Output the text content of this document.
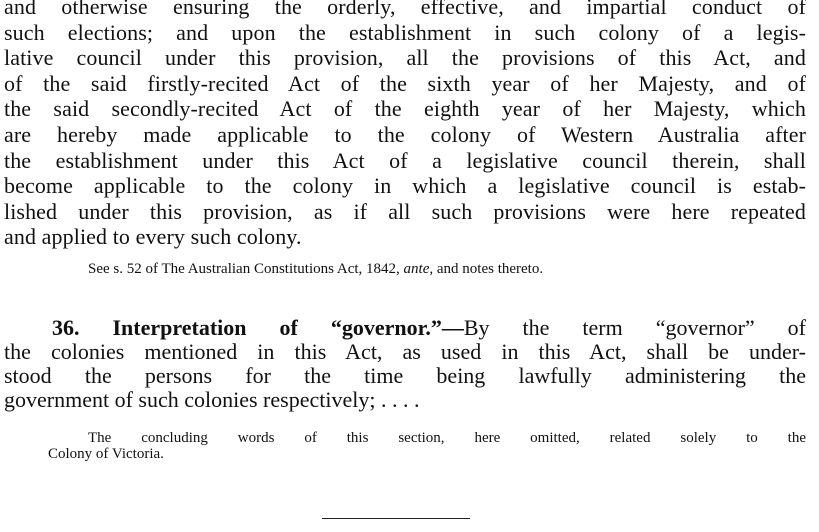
and otherwise ensuring the orderly, effective, and impartial conduct of
such elections; and upon the establishment in such colony of a legis-
lative council under this provision, all the provisions of this Act, and
of the said firstly-recited Act of the sixth year of her Majesty, and of
the said secondly-recited Act of the eighth year of her Majesty, which
are hereby made applicable to the colony of Western Australia after
the establishment under this Act of a legislative council therein, shall
become applicable to the colony in which a legislative council is estab-
lished under this provision, as if all such provisions were here repeated
and applied to every such colony.
See s. 52 of The Australian Constitutions Act, 1842, ante, and notes thereto.
36. Interpretation of “governor.”—By the term “governor” of
the colonies mentioned in this Act, as used in this Act, shall be under-
stood the persons for the time being lawfully administering the
government of such colonies respectively; . . . .
The concluding words of this section, here omitted, related solely to the
Colony of Victoria.
